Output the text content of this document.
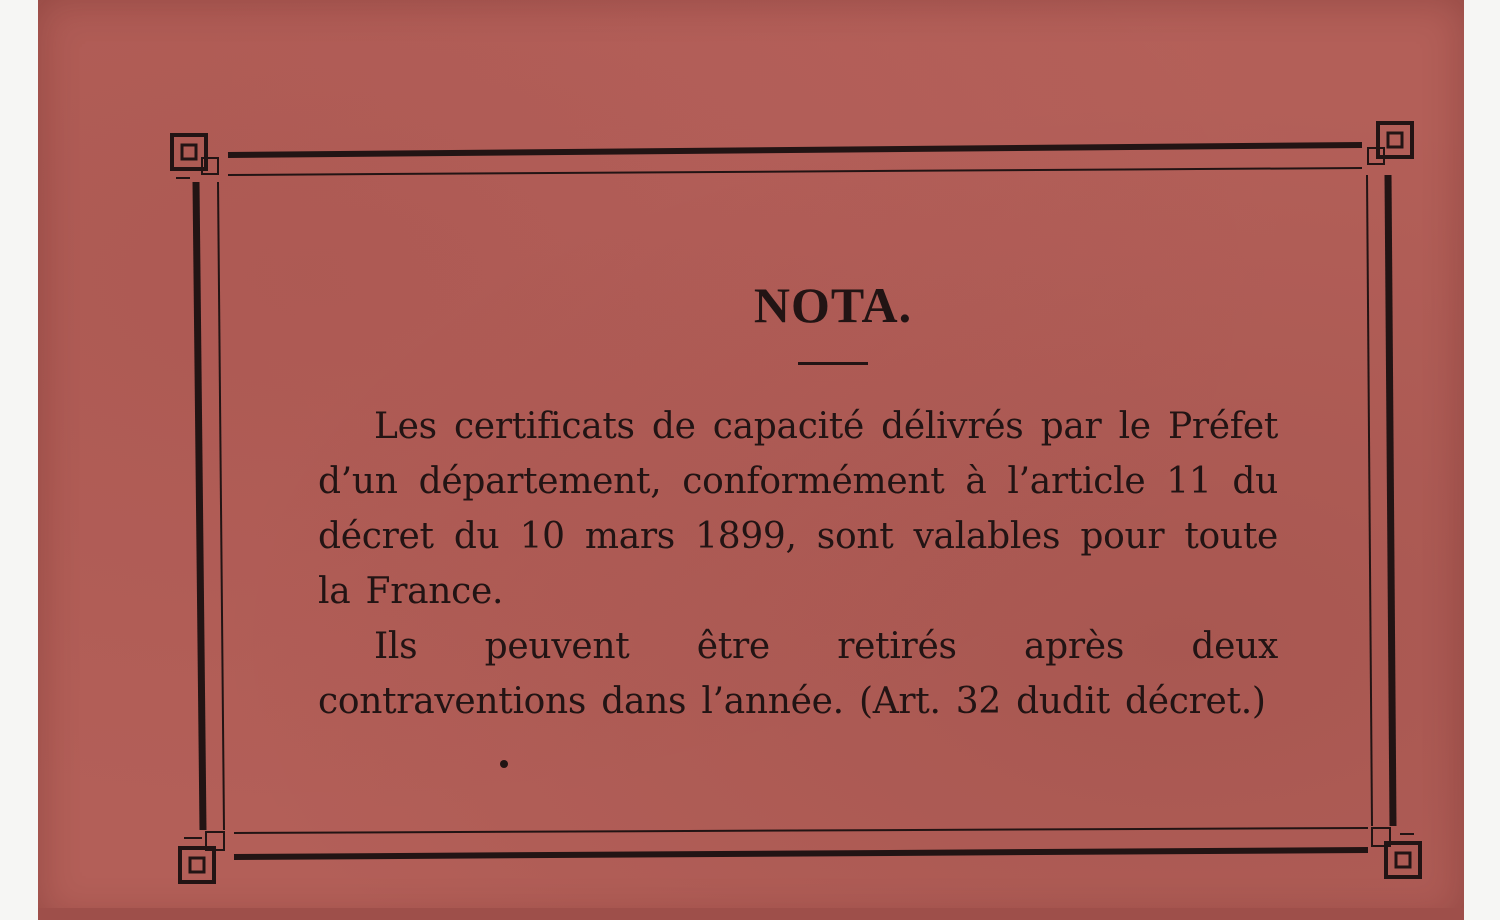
NOTA.

Les certificats de capacité délivrés par le Préfet d’un département, conformément à l’article 11 du décret du 10 mars 1899, sont valables pour toute la France.

Ils peuvent être retirés après deux contraventions dans l’année. (Art. 32 dudit décret.)
